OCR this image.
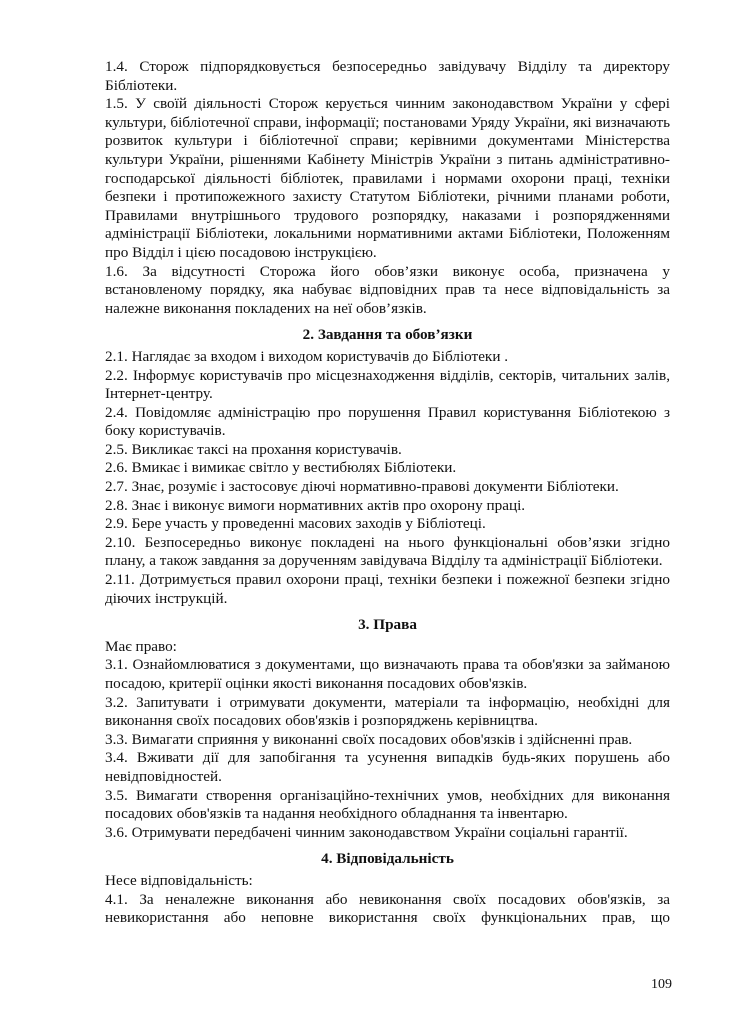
1.4. Сторож підпорядковується безпосередньо завідувачу Відділу та директору Бібліотеки.

1.5. У своїй діяльності Сторож керується чинним законодавством України у сфері культури, бібліотечної справи, інформації; постановами Уряду України, які визначають розвиток культури і бібліотечної справи; керівними документами Міністерства культури України, рішеннями Кабінету Міністрів України з питань адміністративно-господарської діяльності бібліотек, правилами і нормами охорони праці, техніки безпеки і протипожежного захисту Статутом Бібліотеки, річними планами роботи, Правилами внутрішнього трудового розпорядку, наказами і розпорядженнями адміністрації Бібліотеки, локальними нормативними актами Бібліотеки, Положенням про Відділ і цією посадовою інструкцією.

1.6. За відсутності Сторожа його обов’язки виконує особа, призначена у встановленому порядку, яка набуває відповідних прав та несе відповідальність за належне виконання покладених на неї обов’язків.

2. Завдання та обов’язки

2.1. Наглядає за входом і виходом користувачів до Бібліотеки .

2.2. Інформує користувачів про місцезнаходження відділів, секторів, читальних залів, Інтернет-центру.

2.4. Повідомляє адміністрацію про порушення Правил користування Бібліотекою з боку користувачів.

2.5. Викликає таксі на прохання користувачів.

2.6. Вмикає і вимикає світло у вестибюлях Бібліотеки.

2.7. Знає, розуміє і застосовує діючі нормативно-правові документи Бібліотеки.

2.8. Знає і виконує вимоги нормативних актів про охорону праці.

2.9. Бере участь у проведенні масових заходів у Бібліотеці.

2.10. Безпосередньо виконує покладені на нього функціональні обов’язки згідно плану, а також завдання за дорученням завідувача Відділу та адміністрації Бібліотеки.

2.11. Дотримується правил охорони праці, техніки безпеки і пожежної безпеки згідно діючих інструкцій.

3. Права

Має право:

3.1. Ознайомлюватися з документами, що визначають права та обов'язки за займаною посадою, критерії оцінки якості виконання посадових обов'язків.

3.2. Запитувати і отримувати документи, матеріали та інформацію, необхідні для виконання своїх посадових обов'язків і розпоряджень керівництва.

3.3. Вимагати сприяння у виконанні своїх посадових обов'язків і здійсненні прав.

3.4. Вживати дії для запобігання та усунення випадків будь-яких порушень або невідповідностей.

3.5. Вимагати створення організаційно-технічних умов, необхідних для виконання посадових обов'язків та надання необхідного обладнання та інвентарю.

3.6. Отримувати передбачені чинним законодавством України соціальні гарантії.

4. Відповідальність

Несе відповідальність:

4.1. За неналежне виконання або невиконання своїх посадових обов'язків, за невикористання або неповне використання своїх функціональних прав, що

109
